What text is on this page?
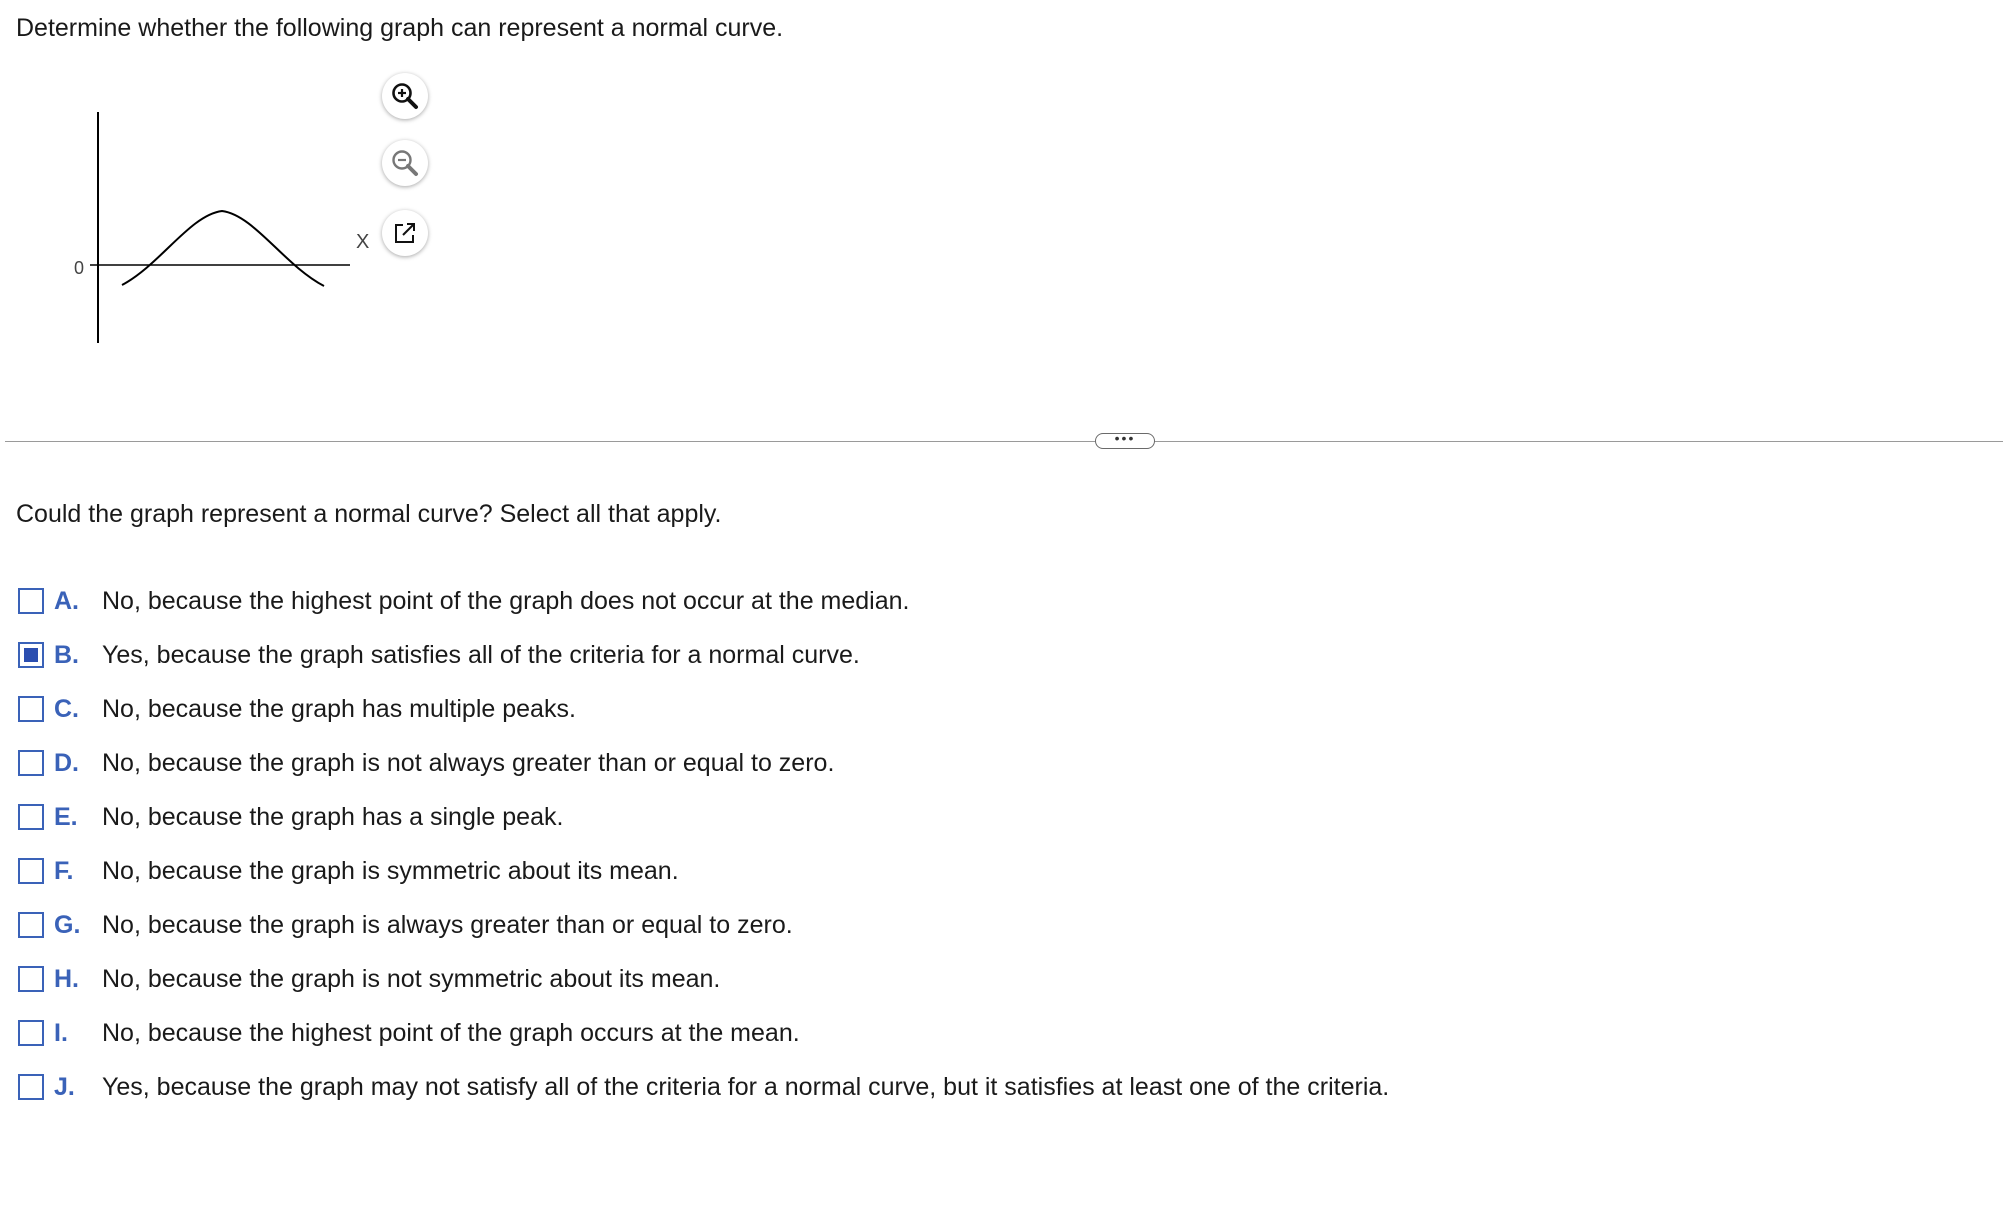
Determine whether the following graph can represent a normal curve.
0
X
•••

Could the graph represent a normal curve? Select all that apply.

A. No, because the highest point of the graph does not occur at the median.
B. Yes, because the graph satisfies all of the criteria for a normal curve.
C. No, because the graph has multiple peaks.
D. No, because the graph is not always greater than or equal to zero.
E. No, because the graph has a single peak.
F.	No, because the graph is symmetric about its mean.
G. No, because the graph is always greater than or equal to zero.
H. No, because the graph is not symmetric about its mean.
I.	No, because the highest point of the graph occurs at the mean.
J.	Yes, because the graph may not satisfy all of the criteria for a normal curve, but it satisfies at least one of the criteria.
